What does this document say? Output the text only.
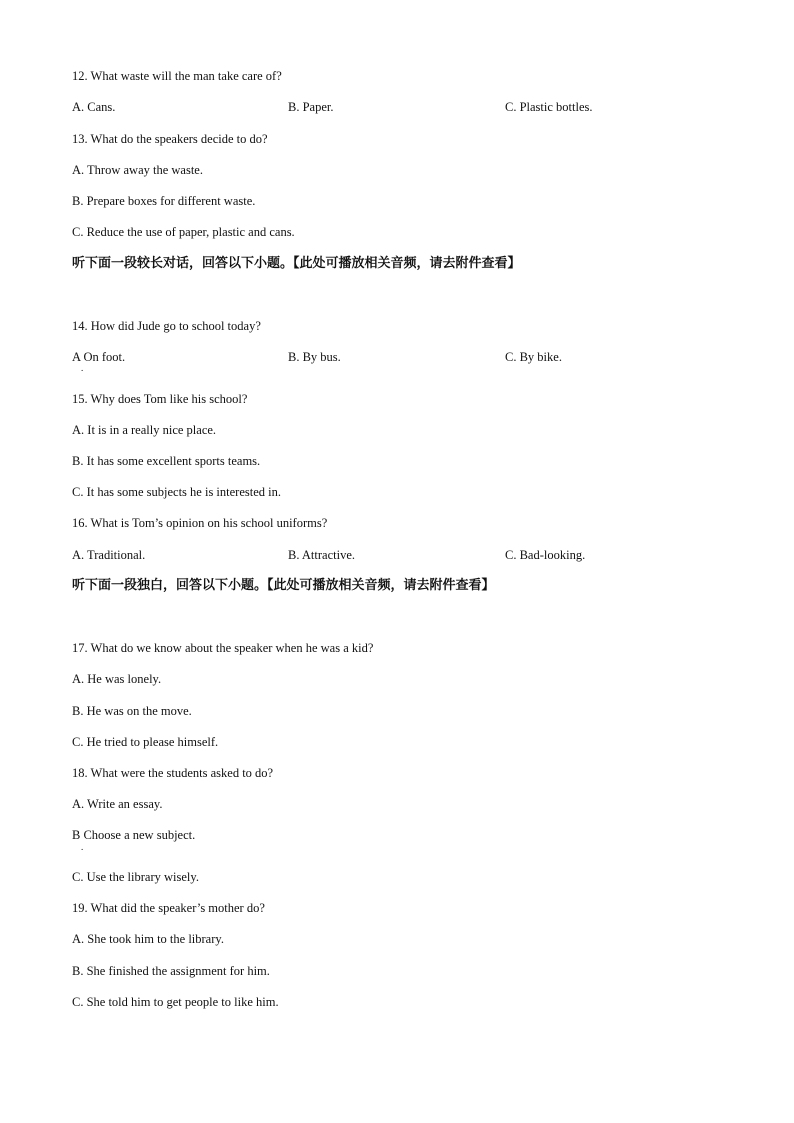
12. What waste will the man take care of?
A. Cans.	B. Paper.	C. Plastic bottles.
13. What do the speakers decide to do?
A. Throw away the waste.
B. Prepare boxes for different waste.
C. Reduce the use of paper, plastic and cans.
听下面一段较长对话，回答以下小题。【此处可播放相关音频，请去附件查看】
14. How did Jude go to school today?
A On foot.	B. By bus.	C. By bike.
.
15. Why does Tom like his school?
A. It is in a really nice place.
B. It has some excellent sports teams.
C. It has some subjects he is interested in.
16. What is Tom’s opinion on his school uniforms?
A. Traditional.	B. Attractive.	C. Bad-looking.
听下面一段独白，回答以下小题。【此处可播放相关音频，请去附件查看】
17. What do we know about the speaker when he was a kid?
A. He was lonely.
B. He was on the move.
C. He tried to please himself.
18. What were the students asked to do?
A. Write an essay.
B Choose a new subject.
.
C. Use the library wisely.
19. What did the speaker’s mother do?
A. She took him to the library.
B. She finished the assignment for him.
C. She told him to get people to like him.
